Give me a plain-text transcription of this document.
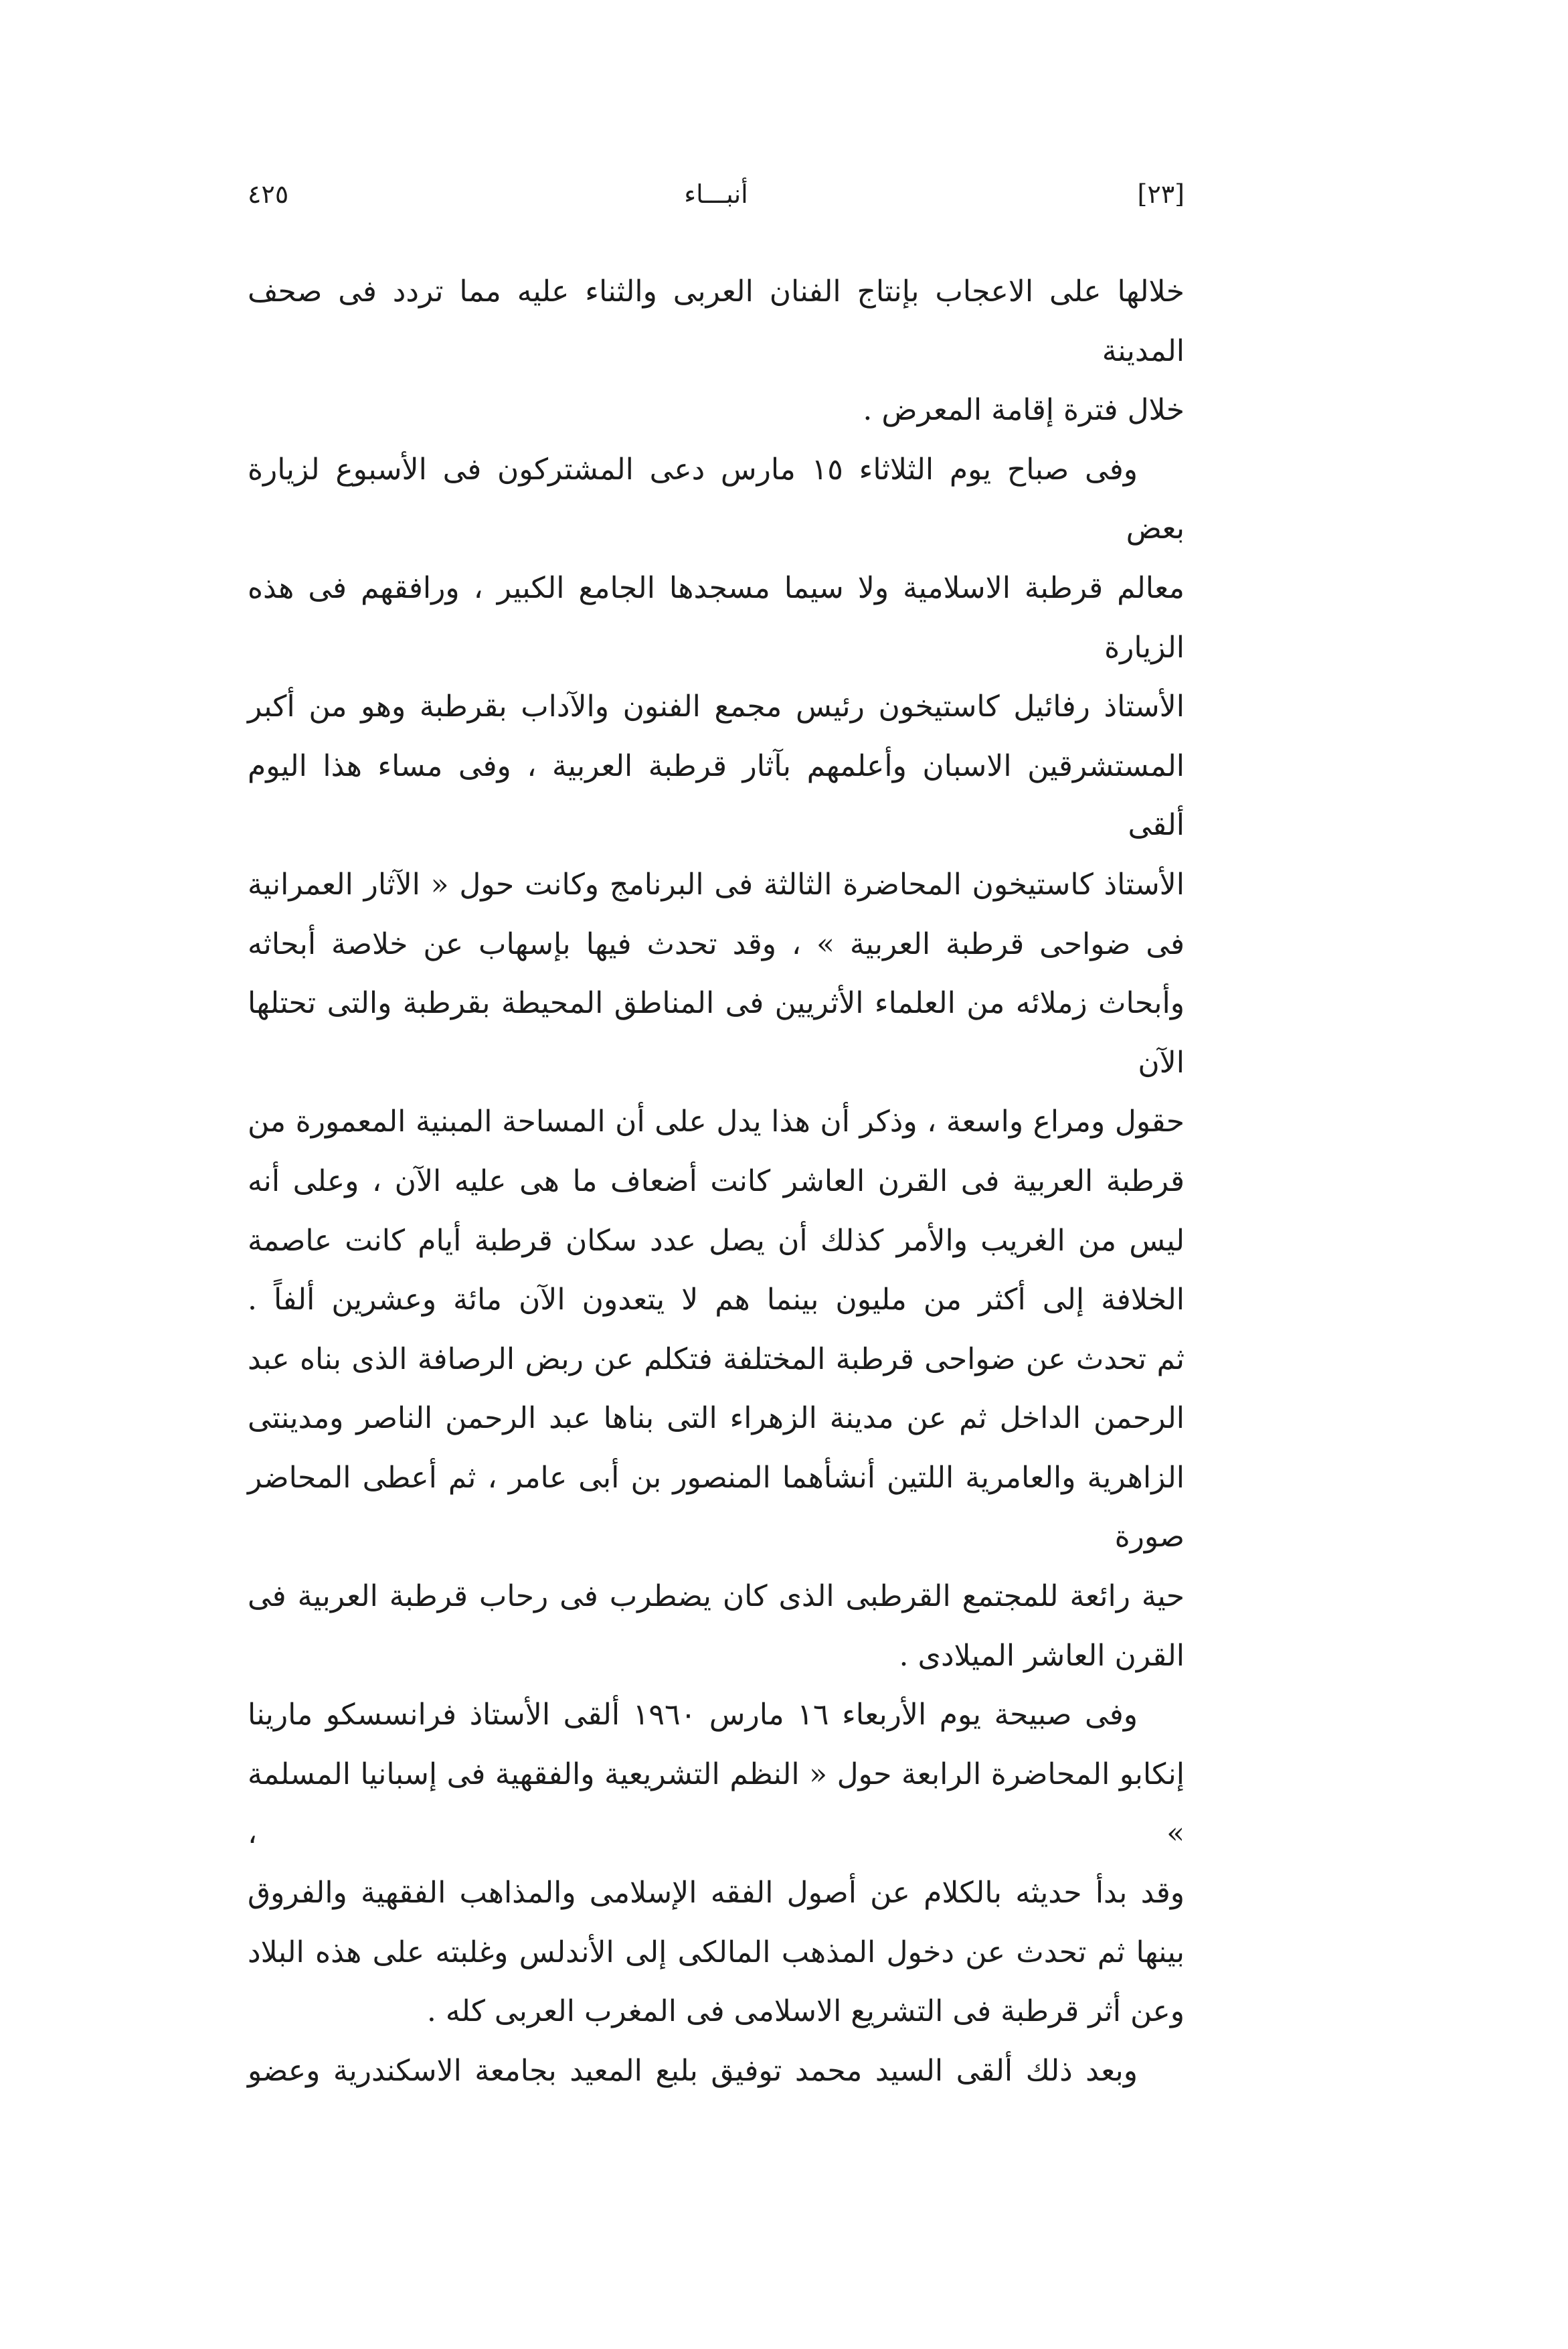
٤٢٥	أنبـــاء	[٢٣]

خلالها على الاعجاب بإنتاج الفنان العربى والثناء عليه مما تردد فى صحف المدينة

خلال فترة إقامة المعرض .

وفى صباح يوم الثلاثاء ١٥ مارس دعى المشتركون فى الأسبوع لزيارة بعض

معالم قرطبة الاسلامية ولا سيما مسجدها الجامع الكبير ، ورافقهم فى هذه الزيارة

الأستاذ رفائيل كاستيخون رئيس مجمع الفنون والآداب بقرطبة وهو من أكبر

المستشرقين الاسبان وأعلمهم بآثار قرطبة العربية ، وفى مساء هذا اليوم ألقى

الأستاذ كاستيخون المحاضرة الثالثة فى البرنامج وكانت حول « الآثار العمرانية

فى ضواحى قرطبة العربية » ، وقد تحدث فيها بإسهاب عن خلاصة أبحاثه

وأبحاث زملائه من العلماء الأثريين فى المناطق المحيطة بقرطبة والتى تحتلها الآن

حقول ومراع واسعة ، وذكر أن هذا يدل على أن المساحة المبنية المعمورة من

قرطبة العربية فى القرن العاشر كانت أضعاف ما هى عليه الآن ، وعلى أنه

ليس من الغريب والأمر كذلك أن يصل عدد سكان قرطبة أيام كانت عاصمة

الخلافة إلى أكثر من مليون بينما هم لا يتعدون الآن مائة وعشرين ألفاً .

ثم تحدث عن ضواحى قرطبة المختلفة فتكلم عن ربض الرصافة الذى بناه عبد

الرحمن الداخل ثم عن مدينة الزهراء التى بناها عبد الرحمن الناصر ومدينتى

الزاهرية والعامرية اللتين أنشأهما المنصور بن أبى عامر ، ثم أعطى المحاضر صورة

حية رائعة للمجتمع القرطبى الذى كان يضطرب فى رحاب قرطبة العربية فى

القرن العاشر الميلادى .

وفى صبيحة يوم الأربعاء ١٦ مارس ١٩٦٠ ألقى الأستاذ فرانسسكو مارينا

إنكابو المحاضرة الرابعة حول « النظم التشريعية والفقهية فى إسبانيا المسلمة » ،

وقد بدأ حديثه بالكلام عن أصول الفقه الإسلامى والمذاهب الفقهية والفروق

بينها ثم تحدث عن دخول المذهب المالكى إلى الأندلس وغلبته على هذه البلاد

وعن أثر قرطبة فى التشريع الاسلامى فى المغرب العربى كله .

وبعد ذلك ألقى السيد محمد توفيق بلبع المعيد بجامعة الاسكندرية وعضو
